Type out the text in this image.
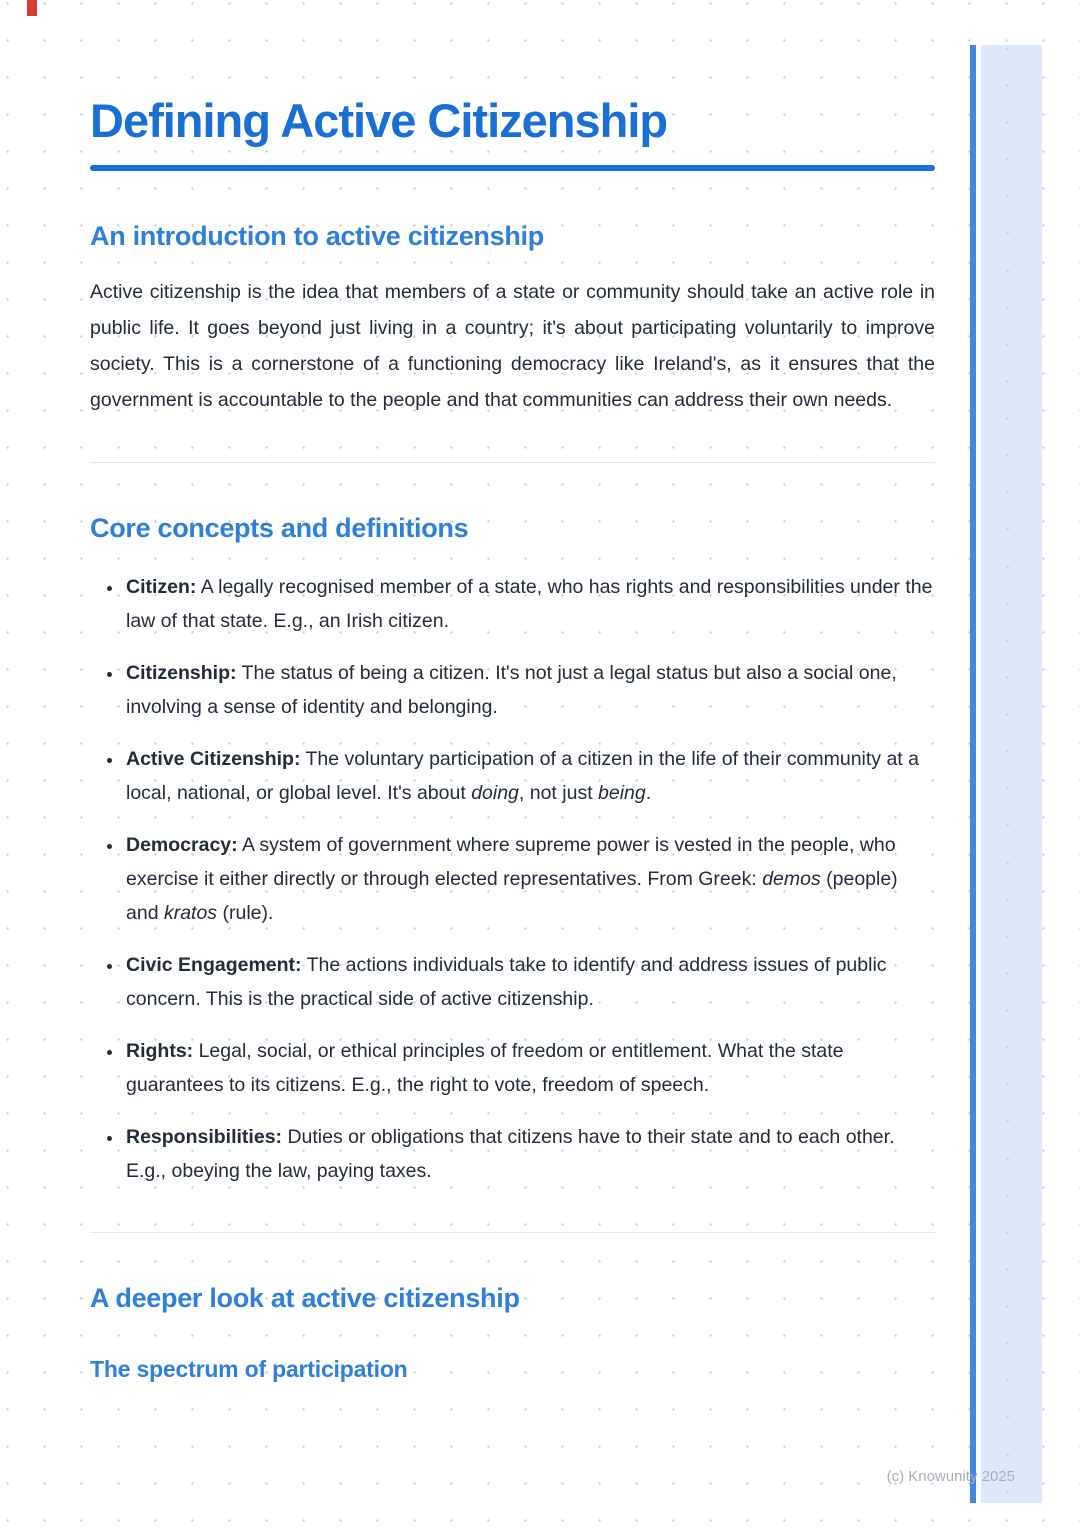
Defining Active Citizenship
An introduction to active citizenship

Active citizenship is the idea that members of a state or community should take an active role in public life. It goes beyond just living in a country; it's about participating voluntarily to improve society. This is a cornerstone of a functioning democracy like Ireland's, as it ensures that the government is accountable to the people and that communities can address their own needs.

Core concepts and definitions
• Citizen: A legally recognised member of a state, who has rights and responsibilities under the law of that state. E.g., an Irish citizen.
• Citizenship: The status of being a citizen. It's not just a legal status but also a social one, involving a sense of identity and belonging.
• Active Citizenship: The voluntary participation of a citizen in the life of their community at a local, national, or global level. It's about doing, not just being.
• Democracy: A system of government where supreme power is vested in the people, who exercise it either directly or through elected representatives. From Greek: demos (people) and kratos (rule).
• Civic Engagement: The actions individuals take to identify and address issues of public concern. This is the practical side of active citizenship.
• Rights: Legal, social, or ethical principles of freedom or entitlement. What the state guarantees to its citizens. E.g., the right to vote, freedom of speech.
• Responsibilities: Duties or obligations that citizens have to their state and to each other. E.g., obeying the law, paying taxes.
A deeper look at active citizenship
The spectrum of participation
(c) Knowunity 2025
